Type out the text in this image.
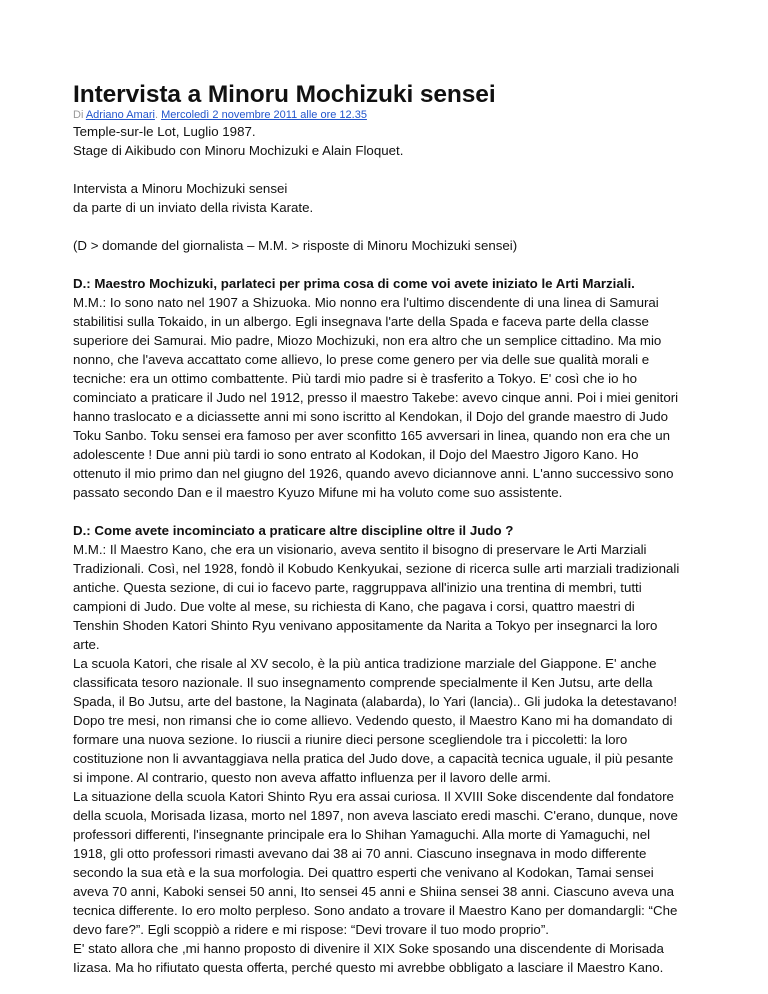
Intervista a Minoru Mochizuki sensei
Di Adriano Amari. Mercoledì 2 novembre 2011 alle ore 12.35

Temple-sur-le Lot, Luglio 1987.

Stage di Aikibudo con Minoru Mochizuki e Alain Floquet.

Intervista a Minoru Mochizuki sensei

da parte di un inviato della rivista Karate.

(D > domande del giornalista – M.M. > risposte di Minoru Mochizuki sensei)

D.: Maestro Mochizuki, parlateci per prima cosa di come voi avete iniziato le Arti Marziali.

M.M.: Io sono nato nel 1907 a Shizuoka. Mio nonno era l'ultimo discendente di una linea di Samurai

stabilitisi sulla Tokaido, in un albergo. Egli insegnava l'arte della Spada e faceva parte della classe

superiore dei Samurai. Mio padre, Miozo Mochizuki, non era altro che un semplice cittadino. Ma mio

nonno, che l'aveva accattato come allievo, lo prese come genero per via delle sue qualità morali e

tecniche: era un ottimo combattente. Più tardi mio padre si è trasferito a Tokyo. E' così che io ho

cominciato a praticare il Judo nel 1912, presso il maestro Takebe: avevo cinque anni. Poi i miei genitori

hanno traslocato e a diciassette anni mi sono iscritto al Kendokan, il Dojo del grande maestro di Judo

Toku Sanbo. Toku sensei era famoso per aver sconfitto 165 avversari in linea, quando non era che un

adolescente ! Due anni più tardi io sono entrato al Kodokan, il Dojo del Maestro Jigoro Kano. Ho

ottenuto il mio primo dan nel giugno del 1926, quando avevo diciannove anni. L'anno successivo sono

passato secondo Dan e il maestro Kyuzo Mifune mi ha voluto come suo assistente.

D.: Come avete incominciato a praticare altre discipline oltre il Judo ?

M.M.: Il Maestro Kano, che era un visionario, aveva sentito il bisogno di preservare le Arti Marziali

Tradizionali. Così, nel 1928, fondò il Kobudo Kenkyukai, sezione di ricerca sulle arti marziali tradizionali

antiche. Questa sezione, di cui io facevo parte, raggruppava all'inizio una trentina di membri, tutti

campioni di Judo. Due volte al mese, su richiesta di Kano, che pagava i corsi, quattro maestri di

Tenshin Shoden Katori Shinto Ryu venivano appositamente da Narita a Tokyo per insegnarci la loro

arte.

La scuola Katori, che risale al XV secolo, è la più antica tradizione marziale del Giappone. E' anche

classificata tesoro nazionale. Il suo insegnamento comprende specialmente il Ken Jutsu, arte della

Spada, il Bo Jutsu, arte del bastone, la Naginata (alabarda), lo Yari (lancia).. Gli judoka la detestavano!

Dopo tre mesi, non rimansi che io come allievo. Vedendo questo, il Maestro Kano mi ha domandato di

formare una nuova sezione. Io riuscii a riunire dieci persone scegliendole tra i piccoletti: la loro

costituzione non li avvantaggiava nella pratica del Judo dove, a capacità tecnica uguale, il più pesante

si impone. Al contrario, questo non aveva affatto influenza per il lavoro delle armi.

La situazione della scuola Katori Shinto Ryu era assai curiosa. Il XVIII Soke discendente dal fondatore

della scuola, Morisada Iizasa, morto nel 1897, non aveva lasciato eredi maschi. C'erano, dunque, nove

professori differenti, l'insegnante principale era lo Shihan Yamaguchi. Alla morte di Yamaguchi, nel

1918, gli otto professori rimasti avevano dai 38 ai 70 anni. Ciascuno insegnava in modo differente

secondo la sua età e la sua morfologia. Dei quattro esperti che venivano al Kodokan, Tamai sensei

aveva 70 anni, Kaboki sensei 50 anni, Ito sensei 45 anni e Shiina sensei 38 anni. Ciascuno aveva una

tecnica differente. Io ero molto perpleso. Sono andato a trovare il Maestro Kano per domandargli: “Che

devo fare?”. Egli scoppiò a ridere e mi rispose: “Devi trovare il tuo modo proprio”.

E' stato allora che ,mi hanno proposto di divenire il XIX Soke sposando una discendente di Morisada

Iizasa. Ma ho rifiutato questa offerta, perché questo mi avrebbe obbligato a lasciare il Maestro Kano.
